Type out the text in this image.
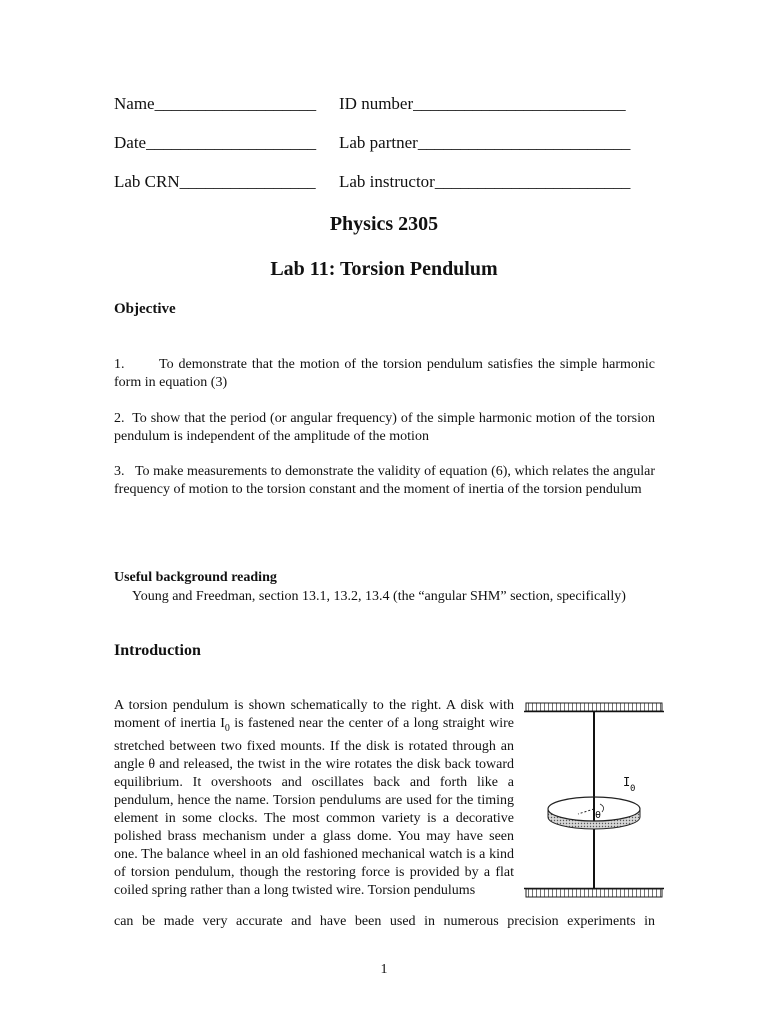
Name___________________ ID number_________________________
Date____________________ Lab partner_________________________
Lab CRN________________ Lab instructor_______________________
Physics 2305
Lab 11: Torsion Pendulum
Objective
1.       To demonstrate that the motion of the torsion pendulum satisfies the simple harmonic form in equation (3)
2.  To show that the period (or angular frequency) of the simple harmonic motion of the torsion pendulum is independent of the amplitude of the motion
3.   To make measurements to demonstrate the validity of equation (6), which relates the angular frequency of motion to the torsion constant and the moment of inertia of the torsion pendulum
Useful background reading
Young and Freedman, section 13.1, 13.2, 13.4 (the “angular SHM” section, specifically)
Introduction
A torsion pendulum is shown schematically to the right. A disk with moment of inertia $I_0$ is fastened near the center of a long straight wire stretched between two fixed mounts. If the disk is rotated through an angle θ and released, the twist in the wire rotates the disk back toward equilibrium. It overshoots and oscillates back and forth like a pendulum, hence the name. Torsion pendulums are used for the timing element in some clocks. The most common variety is a decorative polished brass mechanism under a glass dome. You may have seen one. The balance wheel in an old fashioned mechanical watch is a kind of torsion pendulum, though the restoring force is provided by a flat coiled spring rather than a long twisted wire. Torsion pendulums
can be made very accurate and have been used in numerous precision experiments in
I 0
θ
1
